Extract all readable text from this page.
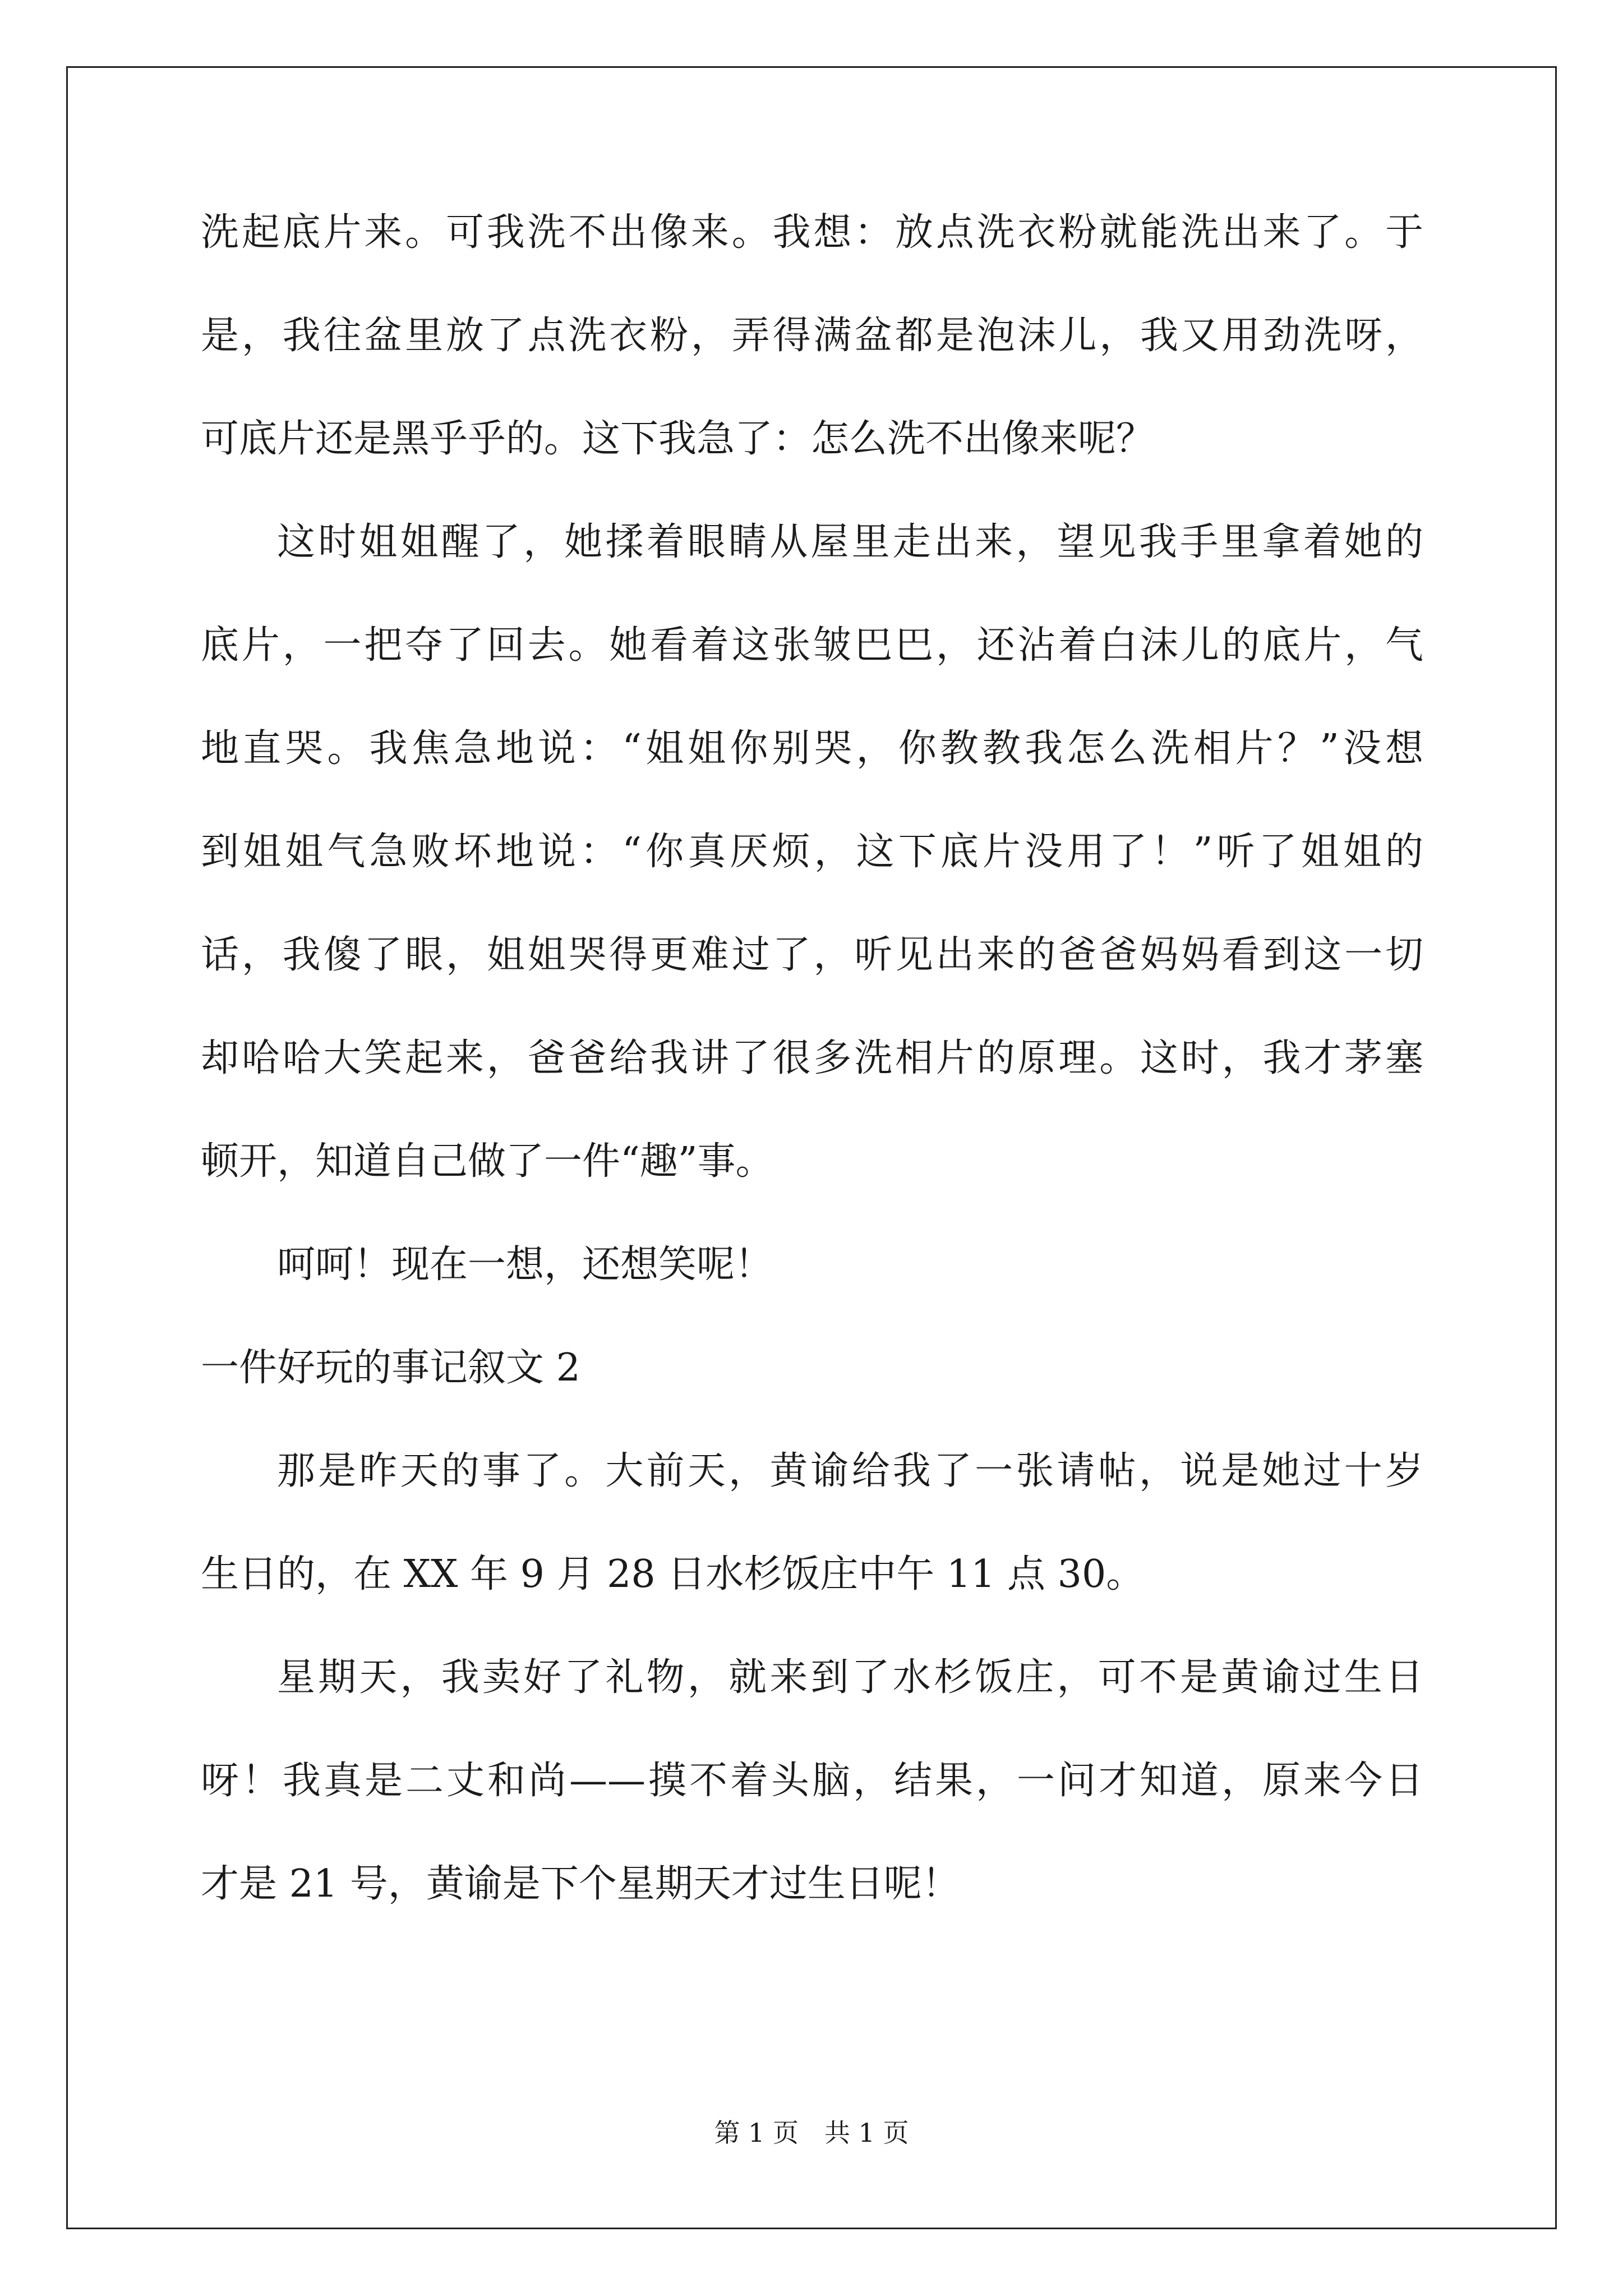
洗起底片来。可我洗不出像来。我想：放点洗衣粉就能洗出来了。于
是，我往盆里放了点洗衣粉，弄得满盆都是泡沫儿，我又用劲洗呀，
可底片还是黑乎乎的。这下我急了：怎么洗不出像来呢？
这时姐姐醒了，她揉着眼睛从屋里走出来，望见我手里拿着她的
底片，一把夺了回去。她看着这张皱巴巴，还沾着白沫儿的底片，气
地直哭。我焦急地说：“姐姐你别哭，你教教我怎么洗相片？”没想
到姐姐气急败坏地说：“你真厌烦，这下底片没用了！”听了姐姐的
话，我傻了眼，姐姐哭得更难过了，听见出来的爸爸妈妈看到这一切
却哈哈大笑起来，爸爸给我讲了很多洗相片的原理。这时，我才茅塞
顿开，知道自己做了一件“趣”事。
呵呵！现在一想，还想笑呢！
一件好玩的事记叙文 2
那是昨天的事了。大前天，黄谕给我了一张请帖，说是她过十岁
生日的，在 XX 年 9 月 28 日水杉饭庄中午 11 点 30。
星期天，我卖好了礼物，就来到了水杉饭庄，可不是黄谕过生日
呀！我真是二丈和尚——摸不着头脑，结果，一问才知道，原来今日
才是 21 号，黄谕是下个星期天才过生日呢！
第 1 页　共 1 页
